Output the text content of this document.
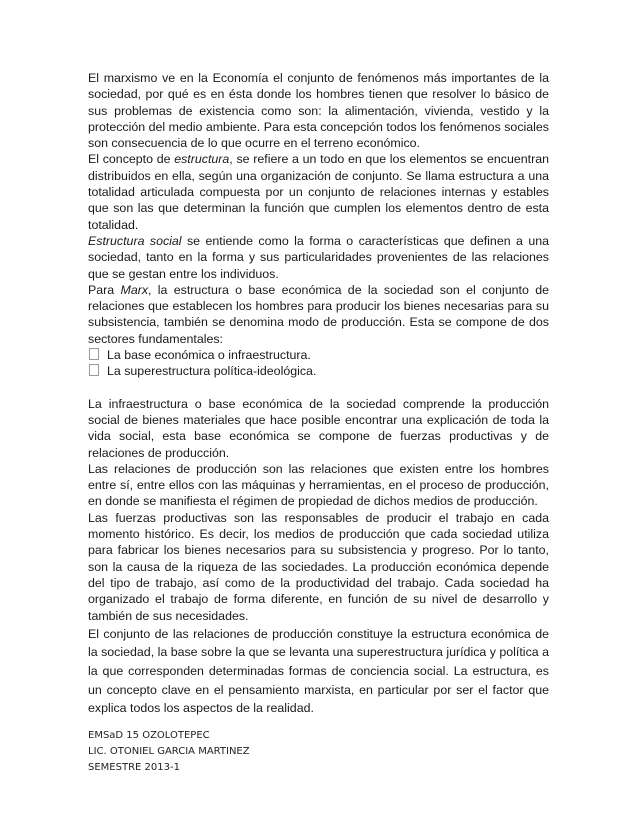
El marxismo ve en la Economía el conjunto de fenómenos más importantes de la sociedad, por qué es en ésta donde los hombres tienen que resolver lo básico de sus problemas de existencia como son: la alimentación, vivienda, vestido y la protección del medio ambiente. Para esta concepción todos los fenómenos sociales son consecuencia de lo que ocurre en el terreno económico.

El concepto de estructura, se refiere a un todo en que los elementos se encuentran distribuidos en ella, según una organización de conjunto. Se llama estructura a una totalidad articulada compuesta por un conjunto de relaciones internas y estables que son las que determinan la función que cumplen los elementos dentro de esta totalidad.

Estructura social se entiende como la forma o características que definen a una sociedad, tanto en la forma y sus particularidades provenientes de las relaciones que se gestan entre los individuos.

Para Marx, la estructura o base económica de la sociedad son el conjunto de relaciones que establecen los hombres para producir los bienes necesarias para su subsistencia, también se denomina modo de producción. Esta se compone de dos sectores fundamentales:

La base económica o infraestructura.
La superestructura política-ideológica.

La infraestructura o base económica de la sociedad comprende la producción social de bienes materiales que hace posible encontrar una explicación de toda la vida social, esta base económica se compone de fuerzas productivas y de relaciones de producción.

Las relaciones de producción son las relaciones que existen entre los hombres entre sí, entre ellos con las máquinas y herramientas, en el proceso de producción, en donde se manifiesta el régimen de propiedad de dichos medios de producción.

Las fuerzas productivas son las responsables de producir el trabajo en cada momento histórico. Es decir, los medios de producción que cada sociedad utiliza para fabricar los bienes necesarios para su subsistencia y progreso. Por lo tanto, son la causa de la riqueza de las sociedades. La producción económica depende del tipo de trabajo, así como de la productividad del trabajo. Cada sociedad ha organizado el trabajo de forma diferente, en función de su nivel de desarrollo y también de sus necesidades.

El conjunto de las relaciones de producción constituye la estructura económica de la sociedad, la base sobre la que se levanta una superestructura jurídica y política a la que corresponden determinadas formas de conciencia social. La estructura, es un concepto clave en el pensamiento marxista, en particular por ser el factor que explica todos los aspectos de la realidad.

EMSaD 15 OZOLOTEPEC
LIC. OTONIEL GARCIA MARTINEZ
SEMESTRE 2013-1
